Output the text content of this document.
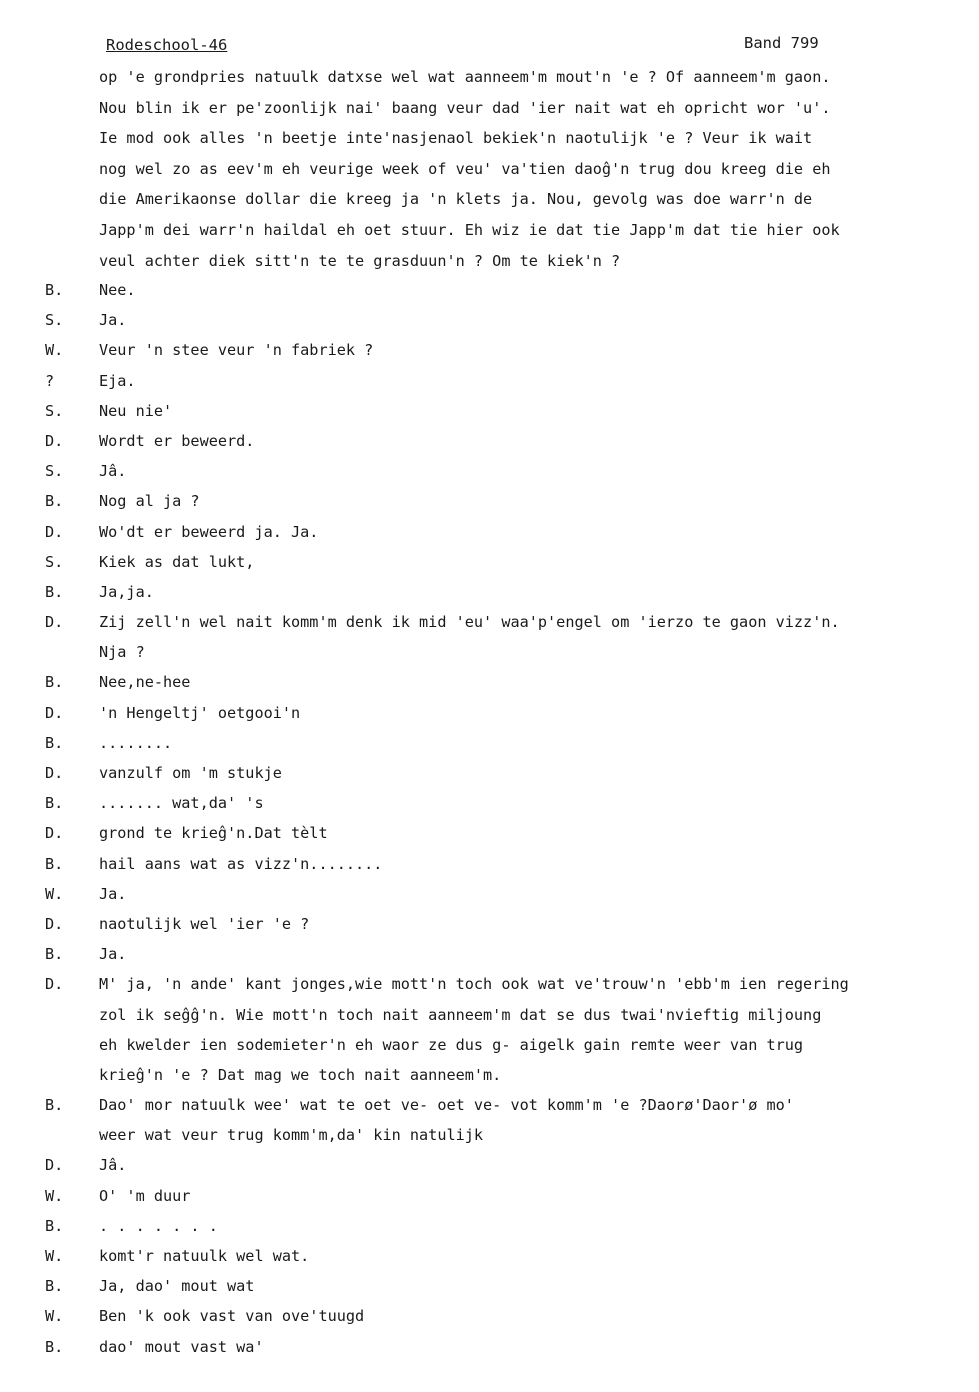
Rodeschool-46	Band 799
op 'e grondpries natuulk datxse wel wat aanneem'm mout'n 'e ? Of aanneem'm gaon.
Nou blin ik er pe'zoonlijk nai' baang veur dad 'ier nait wat eh opricht wor 'u'.
Ie mod ook alles 'n beetje inte'nasjenaol bekiek'n naotulijk 'e ? Veur ik wait
nog wel zo as eev'm eh veurige week of veu' va'tien daoĝ'n trug dou kreeg die eh
die Amerikaonse dollar die kreeg ja 'n klets ja. Nou, gevolg was doe warr'n de
Japp'm dei warr'n haildal eh oet stuur. Eh wiz ie dat tie Japp'm dat tie hier ook
veul achter diek sitt'n te te grasduun'n ? Om te kiek'n ?
B.	Nee.
S.	Ja.
W.	Veur 'n stee veur 'n fabriek ?
?	Eja.
S.	Neu nie'
D.	Wordt er beweerd.
S.	Jâ.
B.	Nog al ja ?
D.	Wo'dt er beweerd ja. Ja.
S.	Kiek as dat lukt,
B.	Ja,ja.
D.	Zij zell'n wel nait komm'm denk ik mid 'eu' waa'p'engel om 'ierzo te gaon vizz'n.
Nja ?
B.	Nee,ne-hee
D.	'n Hengeltj' oetgooi'n
B.	........
D.	vanzulf om 'm stukje
B.	....... wat,da' 's
D.	grond te krieĝ'n.Dat tèlt
B.	hail aans wat as vizz'n........
W.	Ja.
D.	naotulijk wel 'ier 'e ?
B.	Ja.
D.	M' ja, 'n ande' kant jonges,wie mott'n toch ook wat ve'trouw'n 'ebb'm ien regering
zol ik seĝĝ'n. Wie mott'n toch nait aanneem'm dat se dus twai'nvieftig miljoung
eh kwelder ien sodemieter'n eh waor ze dus g- aigelk gain remte weer van trug
krieĝ'n 'e ? Dat mag we toch nait aanneem'm.
B.	Dao' mor natuulk wee' wat te oet ve- oet ve- vot komm'm 'e ?Daorø'Daor'ø mo'
weer wat veur trug komm'm,da' kin natulijk
D.	Jâ.
W.	O' 'm duur
B.	. . . . . . .
W.	komt'r natuulk wel wat.
B.	Ja, dao' mout wat
W.	Ben 'k ook vast van ove'tuugd
B.	dao' mout vast wa'
